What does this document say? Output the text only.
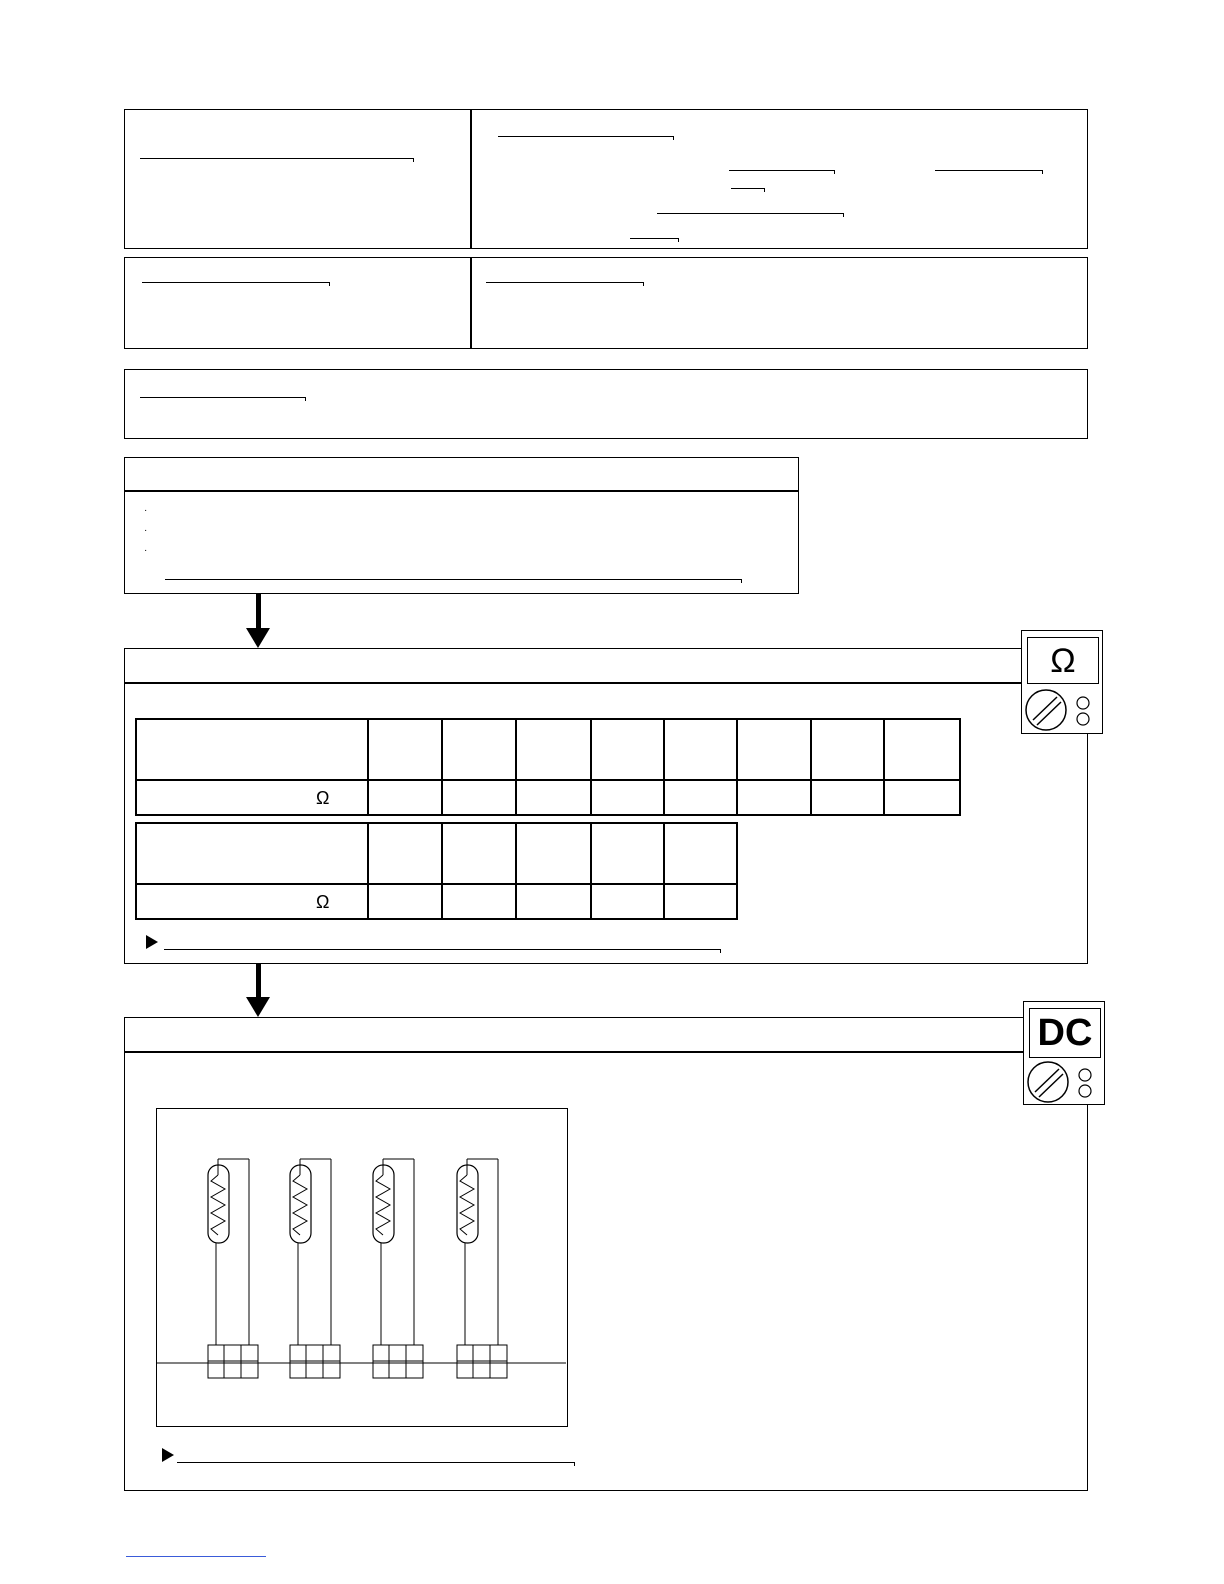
·
·
·
Ω
Ω
Ω
DC
